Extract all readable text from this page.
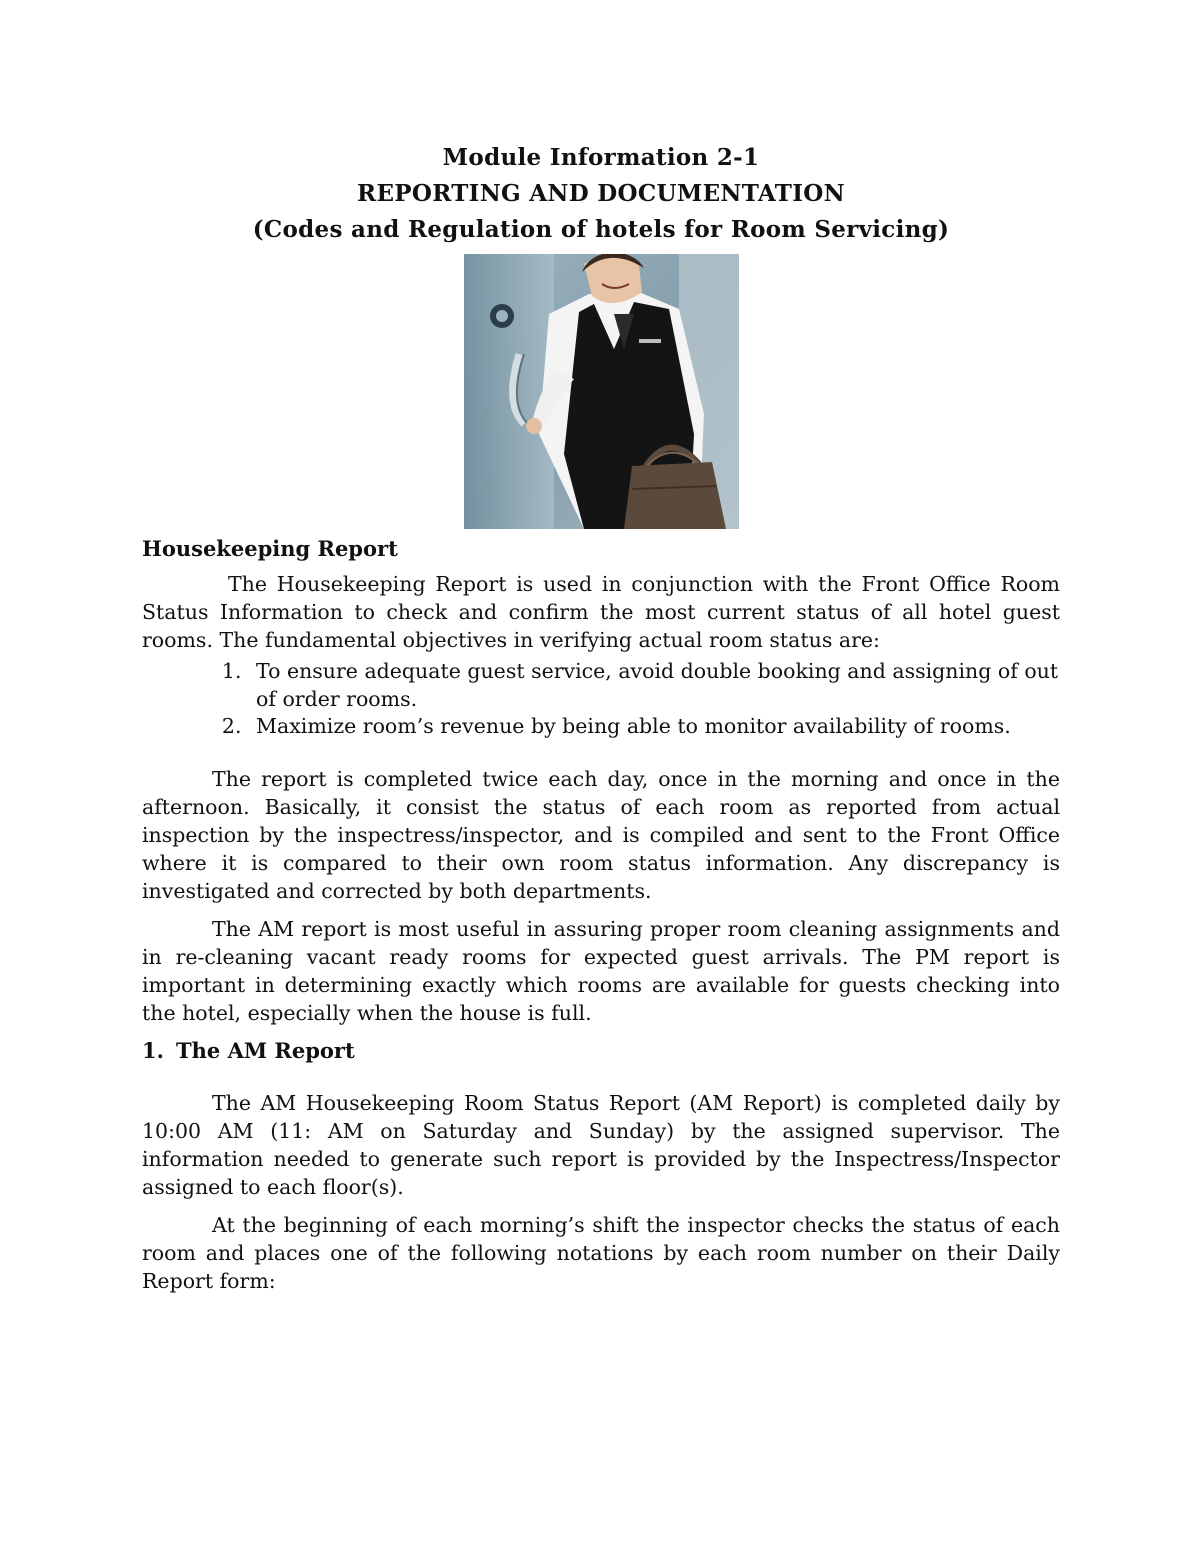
Module Information 2-1
REPORTING AND DOCUMENTATION
(Codes and Regulation of hotels for Room Servicing)
Housekeeping Report

The Housekeeping Report is used in conjunction with the Front Office Room Status Information to check and confirm the most current status of all hotel guest rooms. The fundamental objectives in verifying actual room status are:

1. To ensure adequate guest service, avoid double booking and assigning of out of order rooms.
2. Maximize room’s revenue by being able to monitor availability of rooms.

The report is completed twice each day, once in the morning and once in the afternoon. Basically, it consist the status of each room as reported from actual inspection by the inspectress/inspector, and is compiled and sent to the Front Office where it is compared to their own room status information. Any discrepancy is investigated and corrected by both departments.

The AM report is most useful in assuring proper room cleaning assignments and in re-cleaning vacant ready rooms for expected guest arrivals. The PM report is important in determining exactly which rooms are available for guests checking into the hotel, especially when the house is full.

1. The AM Report

The AM Housekeeping Room Status Report (AM Report) is completed daily by 10:00 AM (11: AM on Saturday and Sunday) by the assigned supervisor. The information needed to generate such report is provided by the Inspectress/Inspector assigned to each floor(s).

At the beginning of each morning’s shift the inspector checks the status of each room and places one of the following notations by each room number on their Daily Report form:
